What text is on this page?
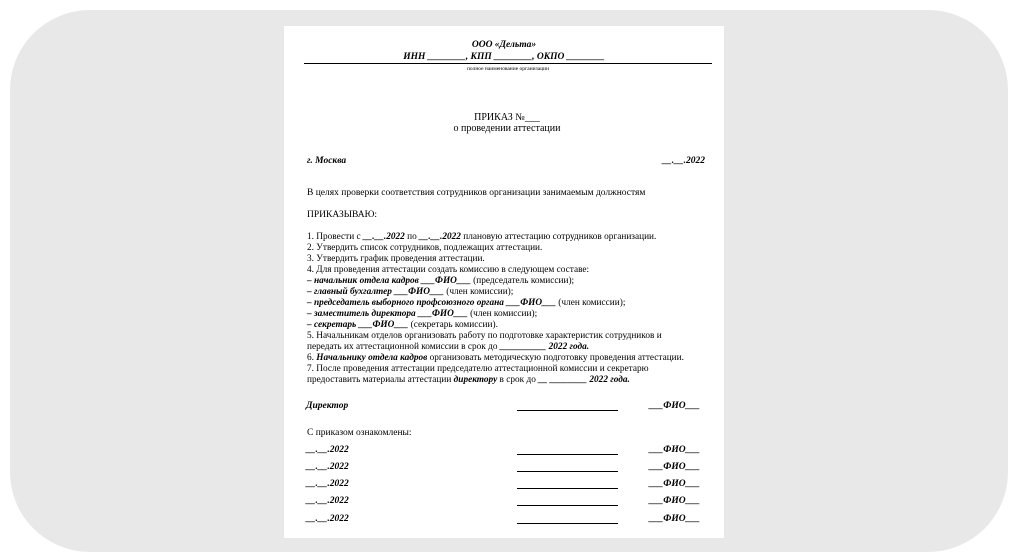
ООО «Дельта»
ИНН ________, КПП ________, ОКПО ________
полное наименование организации
ПРИКАЗ №___
о проведении аттестации
г. Москва	__.__.2022
В целях проверки соответствия сотрудников организации занимаемым должностям
ПРИКАЗЫВАЮ:
1. Провести с __.__.2022 по __.__.2022 плановую аттестацию сотрудников организации.
2. Утвердить список сотрудников, подлежащих аттестации.
3. Утвердить график проведения аттестации.
4. Для проведения аттестации создать комиссию в следующем составе:
– начальник отдела кадров ___ФИО___ (председатель комиссии);
– главный бухгалтер ___ФИО___ (член комиссии);
– председатель выборного профсоюзного органа ___ФИО___ (член комиссии);
– заместитель директора ___ФИО___ (член комиссии);
– секретарь ___ФИО___ (секретарь комиссии).
5. Начальникам отделов организовать работу по подготовке характеристик сотрудников и
передать их аттестационной комиссии в срок до __________ 2022 года.
6. Начальнику отдела кадров организовать методическую подготовку проведения аттестации.
7. После проведения аттестации председателю аттестационной комиссии и секретарю
предоставить материалы аттестации директору в срок до __ ________ 2022 года.
Директор	___ФИО___
С приказом ознакомлены:
__.__.2022	___ФИО___
__.__.2022	___ФИО___
__.__.2022	___ФИО___
__.__.2022	___ФИО___
__.__.2022	___ФИО___
